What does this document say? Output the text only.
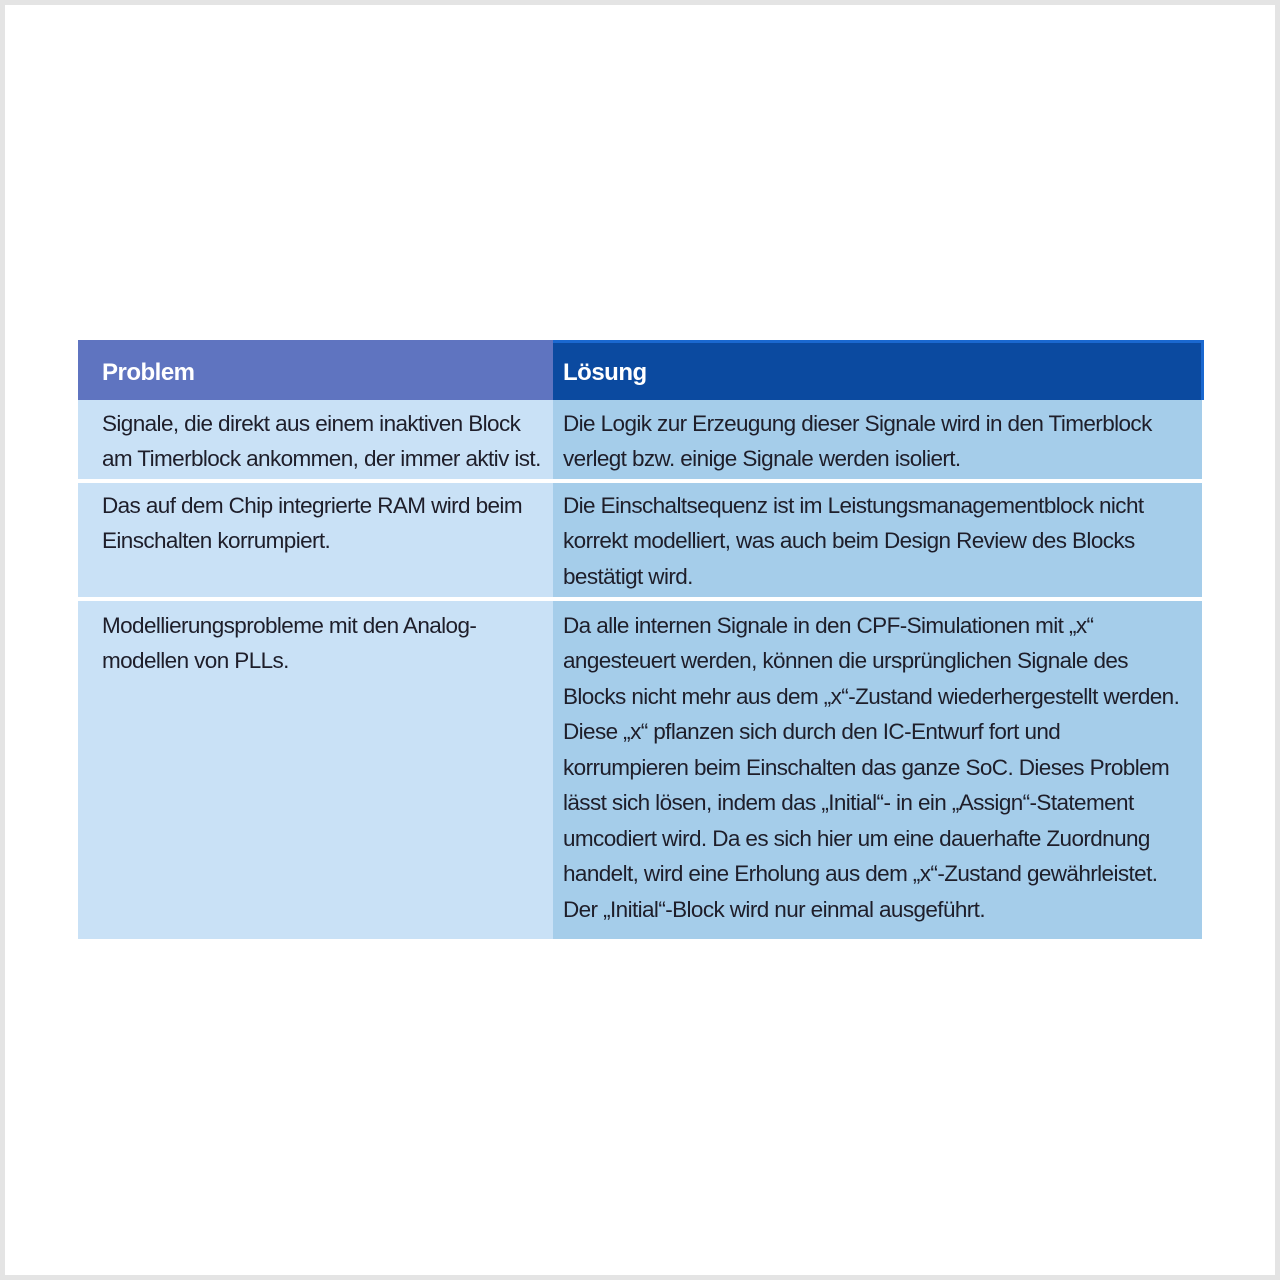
Problem	Lösung
Signale, die direkt aus einem inaktiven Block am Timerblock ankommen, der immer aktiv ist.	Die Logik zur Erzeugung dieser Signale wird in den Timerblock verlegt bzw. einige Signale werden isoliert.
Das auf dem Chip integrierte RAM wird beim Einschalten korrumpiert.	Die Einschaltsequenz ist im Leistungsmanagementblock nicht korrekt modelliert, was auch beim Design Review des Blocks bestätigt wird.
Modellierungsprobleme mit den Analog-modellen von PLLs.	Da alle internen Signale in den CPF-Simulationen mit „x“ angesteuert werden, können die ursprünglichen Signale des Blocks nicht mehr aus dem „x“-Zustand wiederhergestellt werden. Diese „x“ pflanzen sich durch den IC-Entwurf fort und korrumpieren beim Einschalten das ganze SoC. Dieses Problem lässt sich lösen, indem das „Initial“- in ein „Assign“-Statement umcodiert wird. Da es sich hier um eine dauerhafte Zuordnung handelt, wird eine Erholung aus dem „x“-Zustand gewährleistet. Der „Initial“-Block wird nur einmal ausgeführt.
